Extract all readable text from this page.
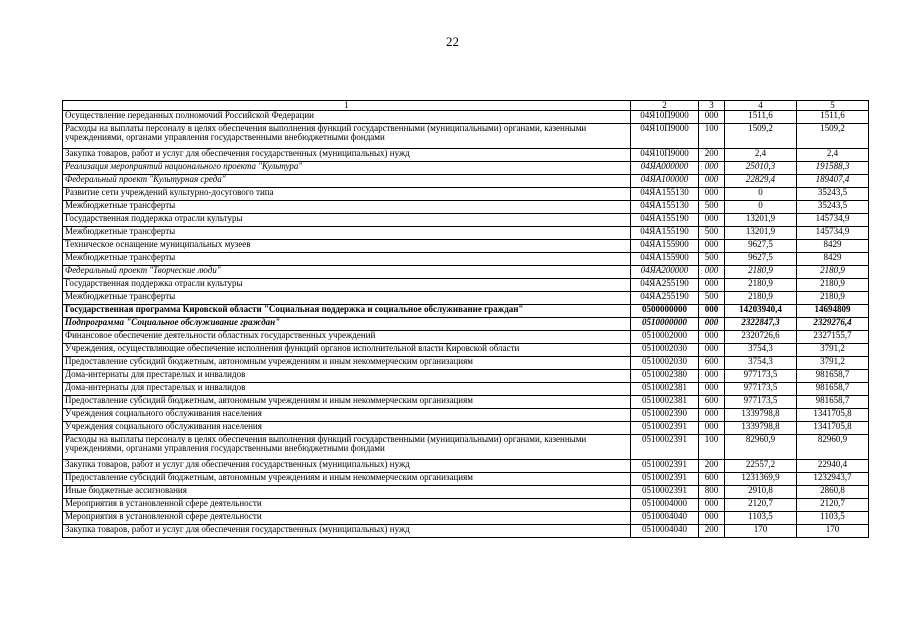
22
1	2	3	4	5
Осуществление переданных полномочий Российской Федерации	04Я10П9000	000	1511,6	1511,6
Расходы на выплаты персоналу в целях обеспечения выполнения функций государственными (муниципальными) органами, казенными учреждениями, органами управления государственными внебюджетными фондами	04Я10П9000	100	1509,2	1509,2
Закупка товаров, работ и услуг для обеспечения государственных (муниципальных) нужд	04Я10П9000	200	2,4	2,4
Реализация мероприятий национального проекта "Культура"	04ЯА000000	000	25010,3	191588,3
Федеральный проект "Культурная среда"	04ЯА100000	000	22829,4	189407,4
Развитие сети учреждений культурно-досугового типа	04ЯА155130	000	0	35243,5
Межбюджетные трансферты	04ЯА155130	500	0	35243,5
Государственная поддержка отрасли культуры	04ЯА155190	000	13201,9	145734,9
Межбюджетные трансферты	04ЯА155190	500	13201,9	145734,9
Техническое оснащение муниципальных музеев	04ЯА155900	000	9627,5	8429
Межбюджетные трансферты	04ЯА155900	500	9627,5	8429
Федеральный проект "Творческие люди"	04ЯА200000	000	2180,9	2180,9
Государственная поддержка отрасли культуры	04ЯА255190	000	2180,9	2180,9
Межбюджетные трансферты	04ЯА255190	500	2180,9	2180,9
Государственная программа Кировской области "Социальная поддержка и социальное обслуживание граждан"	0500000000	000	14203940,4	14694809
Подпрограмма "Социальное обслуживание граждан"	0510000000	000	2322847,3	2329276,4
Финансовое обеспечение деятельности областных государственных учреждений	0510002000	000	2320726,6	2327155,7
Учреждения, осуществляющие обеспечение исполнения функций органов исполнительной власти Кировской области	0510002030	000	3754,3	3791,2
Предоставление субсидий бюджетным, автономным учреждениям и иным некоммерческим организациям	0510002030	600	3754,3	3791,2
Дома-интернаты для престарелых и инвалидов	0510002380	000	977173,5	981658,7
Дома-интернаты для престарелых и инвалидов	0510002381	000	977173,5	981658,7
Предоставление субсидий бюджетным, автономным учреждениям и иным некоммерческим организациям	0510002381	600	977173,5	981658,7
Учреждения социального обслуживания населения	0510002390	000	1339798,8	1341705,8
Учреждения социального обслуживания населения	0510002391	000	1339798,8	1341705,8
Расходы на выплаты персоналу в целях обеспечения выполнения функций государственными (муниципальными) органами, казенными учреждениями, органами управления государственными внебюджетными фондами	0510002391	100	82960,9	82960,9
Закупка товаров, работ и услуг для обеспечения государственных (муниципальных) нужд	0510002391	200	22557,2	22940,4
Предоставление субсидий бюджетным, автономным учреждениям и иным некоммерческим организациям	0510002391	600	1231369,9	1232943,7
Иные бюджетные ассигнования	0510002391	800	2910,8	2860,8
Мероприятия в установленной сфере деятельности	0510004000	000	2120,7	2120,7
Мероприятия в установленной сфере деятельности	0510004040	000	1103,5	1103,5
Закупка товаров, работ и услуг для обеспечения государственных (муниципальных) нужд	0510004040	200	170	170
